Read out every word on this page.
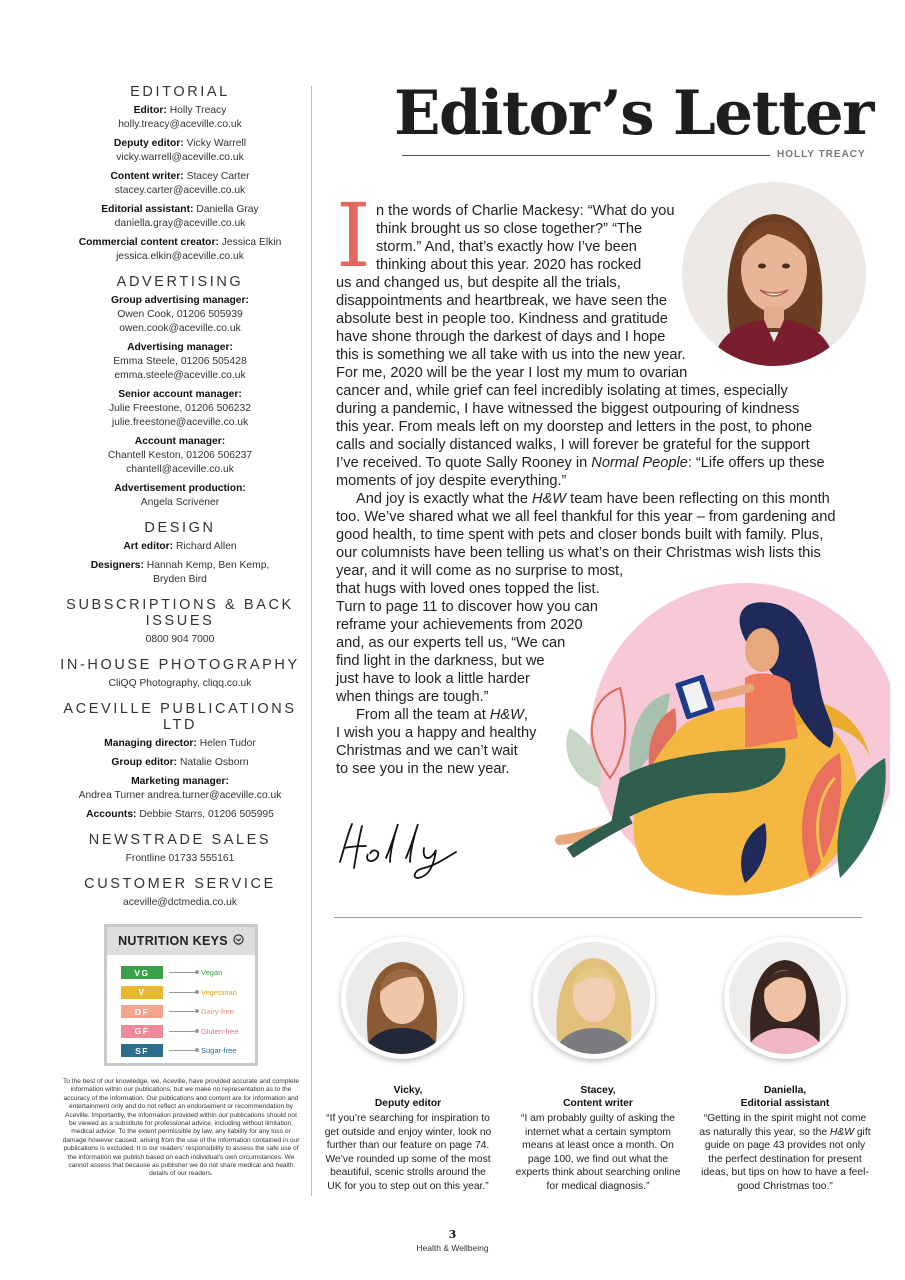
EDITORIAL
Editor: Holly Treacy
holly.treacy@aceville.co.uk
Deputy editor: Vicky Warrell
vicky.warrell@aceville.co.uk
Content writer: Stacey Carter
stacey.carter@aceville.co.uk
Editorial assistant: Daniella Gray
daniella.gray@aceville.co.uk
Commercial content creator: Jessica Elkin
jessica.elkin@aceville.co.uk
ADVERTISING
Group advertising manager:
Owen Cook, 01206 505939
owen.cook@aceville.co.uk
Advertising manager:
Emma Steele, 01206 505428
emma.steele@aceville.co.uk
Senior account manager:
Julie Freestone, 01206 506232
julie.freestone@aceville.co.uk
Account manager:
Chantell Keston, 01206 506237
chantell@aceville.co.uk
Advertisement production:
Angela Scrivener
DESIGN
Art editor: Richard Allen
Designers: Hannah Kemp, Ben Kemp,
Bryden Bird
SUBSCRIPTIONS & BACK ISSUES
0800 904 7000
IN-HOUSE PHOTOGRAPHY
CliQQ Photography, cliqq.co.uk
ACEVILLE PUBLICATIONS LTD
Managing director: Helen Tudor
Group editor: Natalie Osborn
Marketing manager:
Andrea Turner andrea.turner@aceville.co.uk
Accounts: Debbie Starrs, 01206 505995
NEWSTRADE SALES
Frontline 01733 555161
CUSTOMER SERVICE
aceville@dctmedia.co.uk
NUTRITION KEYS
VG	Vegan
V	Vegetarian
DF	Dairy-free
GF	Gluten-free
SF	Sugar-free
To the best of our knowledge, we, Aceville, have provided accurate and complete information within our publications, but we make no representation as to the accuracy of the information. Our publications and content are for information and entertainment only and do not reflect an endorsement or recommendation by Aceville. Importantly, the information provided within our publications should not be viewed as a substitute for professional advice, including without limitation, medical advice. To the extent permissible by law, any liability for any loss or damage however caused, arising from the use of the information contained in our publications is excluded. It is our readers' responsibility to assess the safe use of the information we publish based on each individual's own circumstances. We cannot assess that because as publisher we do not share medical and health details of our readers.
Editor’s Letter
HOLLY TREACY
I n the words of Charlie Mackesy: “What do you
think brought us so close together?” “The
storm.” And, that’s exactly how I’ve been
thinking about this year. 2020 has rocked
us and changed us, but despite all the trials,
disappointments and heartbreak, we have seen the
absolute best in people too. Kindness and gratitude
have shone through the darkest of days and I hope
this is something we all take with us into the new year.
For me, 2020 will be the year I lost my mum to ovarian
cancer and, while grief can feel incredibly isolating at times, especially
during a pandemic, I have witnessed the biggest outpouring of kindness
this year. From meals left on my doorstep and letters in the post, to phone
calls and socially distanced walks, I will forever be grateful for the support
I’ve received. To quote Sally Rooney in Normal People: “Life offers up these
moments of joy despite everything.”
And joy is exactly what the H&W team have been reflecting on this month
too. We’ve shared what we all feel thankful for this year – from gardening and
good health, to time spent with pets and closer bonds built with family. Plus,
our columnists have been telling us what’s on their Christmas wish lists this
year, and it will come as no surprise to most,
that hugs with loved ones topped the list.
Turn to page 11 to discover how you can
reframe your achievements from 2020
and, as our experts tell us, “We can
find light in the darkness, but we
just have to look a little harder
when things are tough.”
From all the team at H&W,
I wish you a happy and healthy
Christmas and we can’t wait
to see you in the new year.
Vicky,
Deputy editor
Stacey,
Content writer
Daniella,
Editorial assistant
“If you’re searching for inspiration to get outside and enjoy winter, look no further than our feature on page 74. We’ve rounded up some of the most beautiful, scenic strolls around the UK for you to step out on this year.”
“I am probably guilty of asking the internet what a certain symptom means at least once a month. On page 100, we find out what the experts think about searching online for medical diagnosis.”
“Getting in the spirit might not come as naturally this year, so the H&W gift guide on page 43 provides not only the perfect destination for present ideas, but tips on how to have a feel-good Christmas too.”
3
Health & Wellbeing
